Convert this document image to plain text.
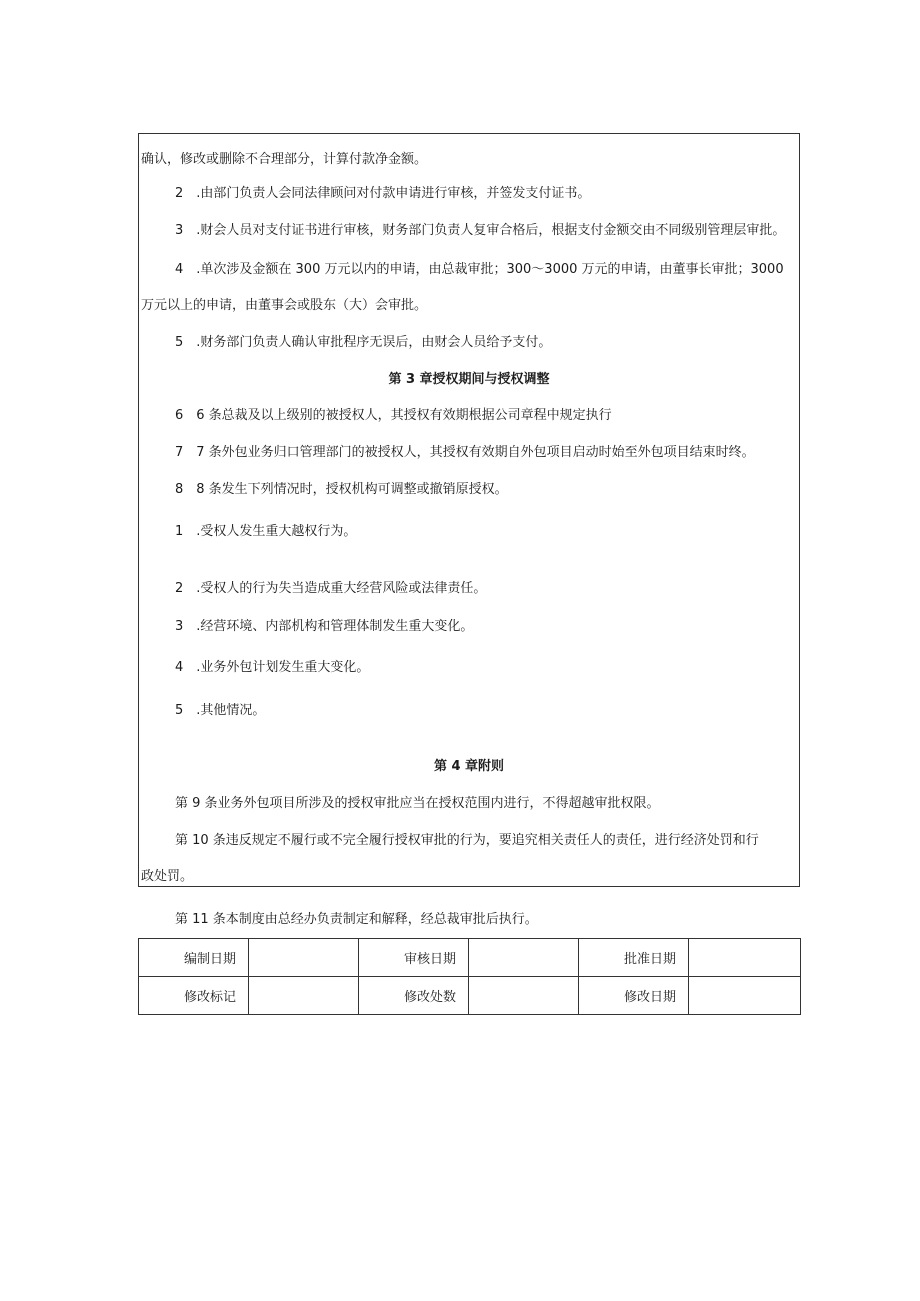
确认，修改或删除不合理部分，计算付款净金额。
2　.由部门负责人会同法律顾问对付款申请进行审核，并签发支付证书。
3　.财会人员对支付证书进行审核，财务部门负责人复审合格后，根据支付金额交由不同级别管理层审批。
4　.单次涉及金额在 300 万元以内的申请，由总裁审批；300～3000 万元的申请，由董事长审批；3000
万元以上的申请，由董事会或股东（大）会审批。
5　.财务部门负责人确认审批程序无误后，由财会人员给予支付。
第 3 章授权期间与授权调整
6　6 条总裁及以上级别的被授权人，其授权有效期根据公司章程中规定执行
7　7 条外包业务归口管理部门的被授权人，其授权有效期自外包项目启动时始至外包项目结束时终。
8　8 条发生下列情况时，授权机构可调整或撤销原授权。
1　.受权人发生重大越权行为。
2　.受权人的行为失当造成重大经营风险或法律责任。
3　.经营环境、内部机构和管理体制发生重大变化。
4　.业务外包计划发生重大变化。
5　.其他情况。
第 4 章附则
第 9 条业务外包项目所涉及的授权审批应当在授权范围内进行，不得超越审批权限。
第 10 条违反规定不履行或不完全履行授权审批的行为，要追究相关责任人的责任，进行经济处罚和行
政处罚。
第 11 条本制度由总经办负责制定和解释，经总裁审批后执行。
编制日期		审核日期		批准日期	
修改标记		修改处数		修改日期	
